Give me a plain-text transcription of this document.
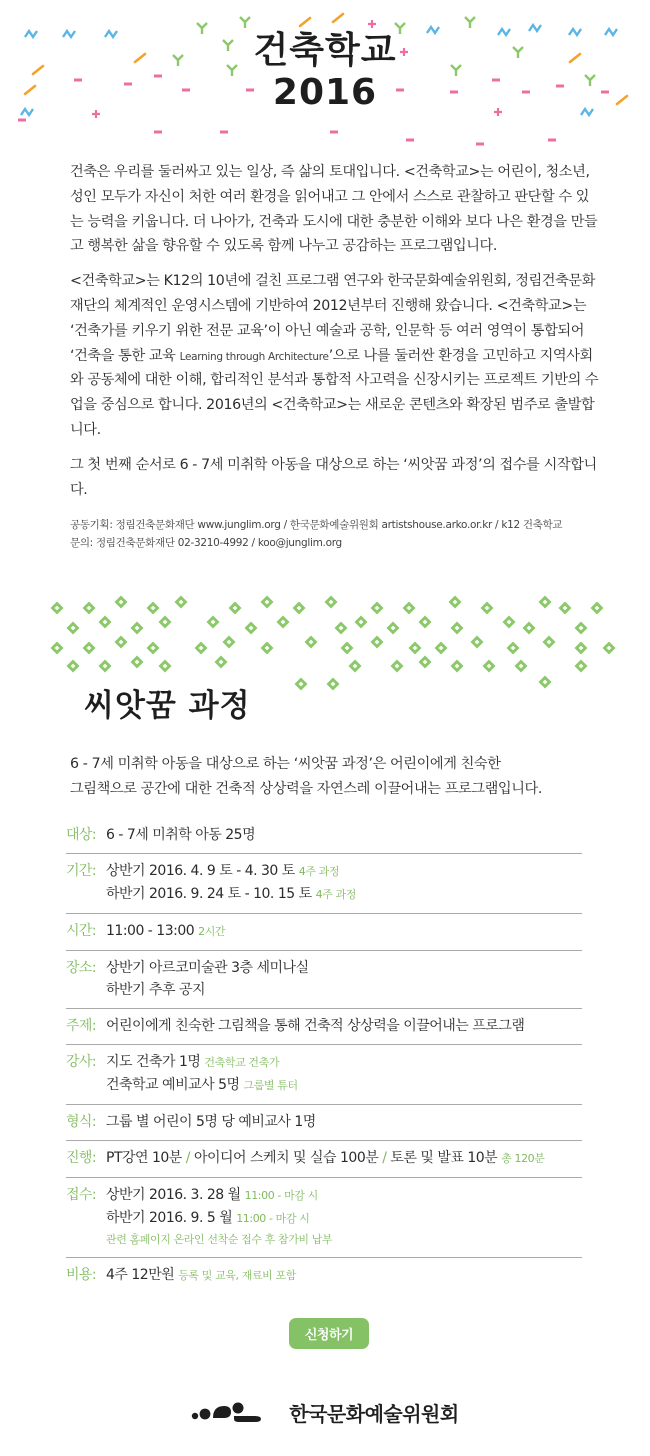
건축학교
2016

건축은 우리를 둘러싸고 있는 일상, 즉 삶의 토대입니다. <건축학교>는 어린이, 청소년, 성인 모두가 자신이 처한 여러 환경을 읽어내고 그 안에서 스스로 관찰하고 판단할 수 있는 능력을 키웁니다. 더 나아가, 건축과 도시에 대한 충분한 이해와 보다 나은 환경을 만들고 행복한 삶을 향유할 수 있도록 함께 나누고 공감하는 프로그램입니다.

<건축학교>는 K12의 10년에 걸친 프로그램 연구와 한국문화예술위원회, 정림건축문화재단의 체계적인 운영시스템에 기반하여 2012년부터 진행해 왔습니다. <건축학교>는 ‘건축가를 키우기 위한 전문 교육’이 아닌 예술과 공학, 인문학 등 여러 영역이 통합되어 ‘건축을 통한 교육 Learning through Architecture’으로 나를 둘러싼 환경을 고민하고 지역사회와 공동체에 대한 이해, 합리적인 분석과 통합적 사고력을 신장시키는 프로젝트 기반의 수업을 중심으로 합니다. 2016년의 <건축학교>는 새로운 콘텐츠와 확장된 범주로 출발합니다.

그 첫 번째 순서로 6 - 7세 미취학 아동을 대상으로 하는 ‘씨앗꿈 과정’의 접수를 시작합니다.

공동기획: 정림건축문화재단 www.junglim.org / 한국문화예술위원회 artistshouse.arko.or.kr / k12 건축학교
문의: 정림건축문화재단 02-3210-4992 / koo@junglim.org
씨앗꿈 과정

6 - 7세 미취학 아동을 대상으로 하는 ‘씨앗꿈 과정’은 어린이에게 친숙한

그림책으로 공간에 대한 건축적 상상력을 자연스레 이끌어내는 프로그램입니다.

대상: 6 - 7세 미취학 아동 25명
기간: 상반기 2016. 4. 9 토 - 4. 30 토 4주 과정
하반기 2016. 9. 24 토 - 10. 15 토 4주 과정
시간: 11:00 - 13:00 2시간
장소: 상반기 아르코미술관 3층 세미나실
하반기 추후 공지
주제: 어린이에게 친숙한 그림책을 통해 건축적 상상력을 이끌어내는 프로그램
강사: 지도 건축가 1명 건축학교 건축가
건축학교 예비교사 5명 그룹별 튜터
형식: 그룹 별 어린이 5명 당 예비교사 1명
진행: PT강연 10분 / 아이디어 스케치 및 실습 100분 / 토론 및 발표 10분 총 120분
접수: 상반기 2016. 3. 28 월 11:00 - 마감 시
하반기 2016. 9. 5 월 11:00 - 마감 시
관련 홈페이지 온라인 선착순 접수 후 참가비 납부
비용: 4주 12만원 등록 및 교육, 재료비 포함
신청하기
한국문화예술위원회
